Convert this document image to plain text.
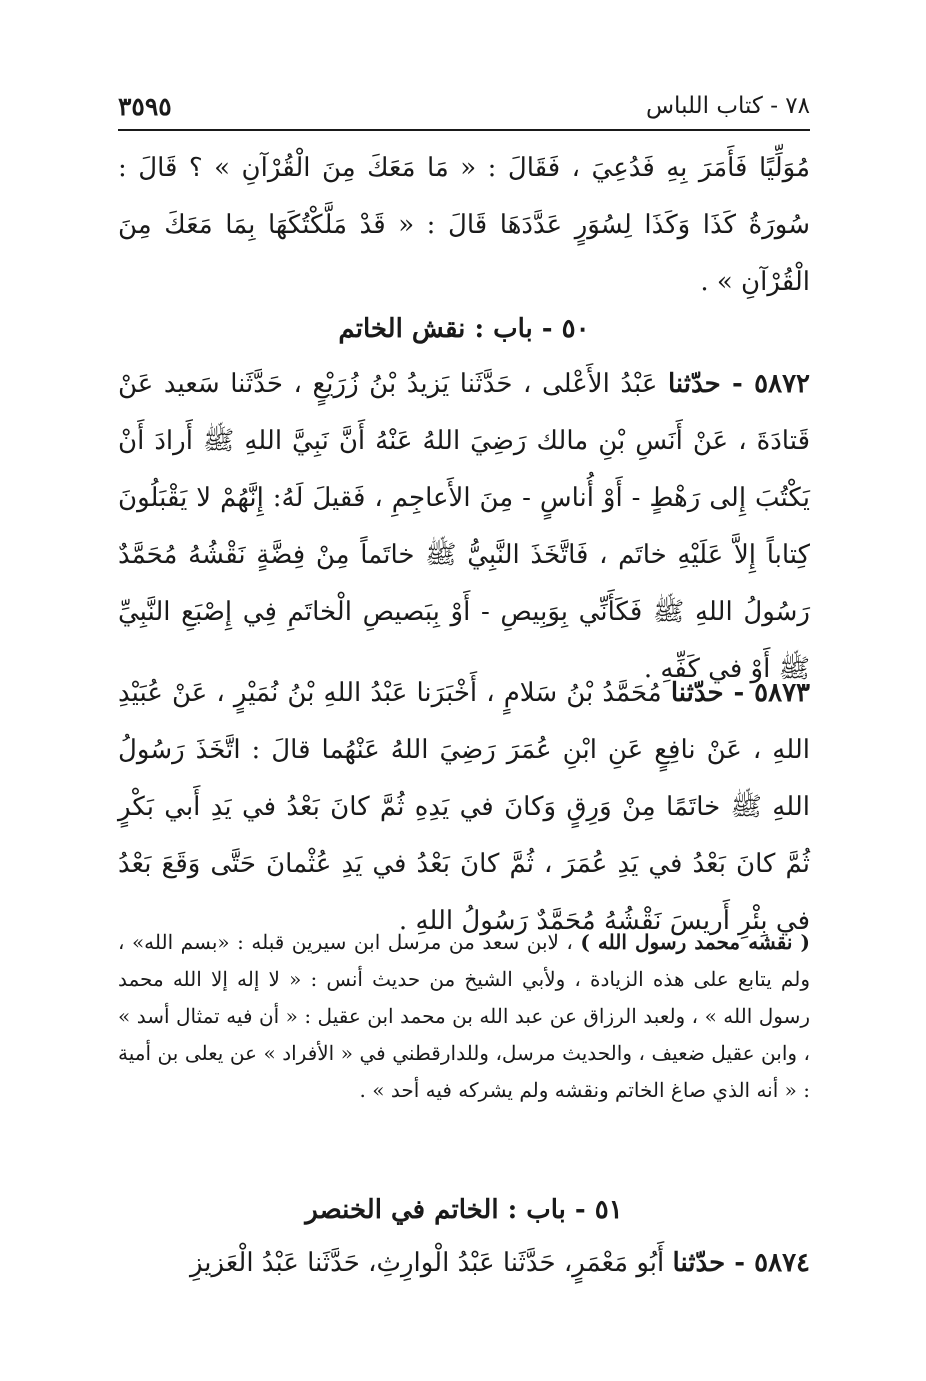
٧٨ - كتاب اللباس
٣٥٩٥

مُوَلِّيًا فَأَمَرَ بِهِ فَدُعِيَ ، فَقَالَ : « مَا مَعَكَ مِنَ الْقُرْآنِ » ؟ قَالَ : سُورَةُ كَذَا وَكَذَا لِسُوَرٍ عَدَّدَهَا قَالَ : « قَدْ مَلَّكْتُكَهَا بِمَا مَعَكَ مِنَ الْقُرْآنِ » .

٥٠ - باب : نقش الخاتم

٥٨٧٢ - حدّثنا عَبْدُ الأَعْلى ، حَدَّثَنا يَزيدُ بْنُ زُرَيْعٍ ، حَدَّثَنا سَعيد عَنْ قَتادَةَ ، عَنْ أَنَسِ بْنِ مالك رَضِيَ اللهُ عَنْهُ أَنَّ نَبِيَّ اللهِ ﷺ أَرادَ أَنْ يَكْتُبَ إِلى رَهْطٍ - أَوْ أُناسٍ - مِنَ الأَعاجِمِ ، فَقيلَ لَهُ: إِنَّهُمْ لا يَقْبَلُونَ كِتاباً إِلاَّ عَلَيْهِ خاتَم ، فَاتَّخَذَ النَّبِيُّ ﷺ خاتَماً مِنْ فِضَّةٍ نَقْشُهُ مُحَمَّدٌ رَسُولُ اللهِ ﷺ فَكَأَنِّي بِوَبِيصِ - أَوْ بِبَصيصِ الْخاتَمِ فِي إِصْبَعِ النَّبِيِّ ﷺ أَوْ في كَفِّهِ .

٥٨٧٣ - حدّثنا مُحَمَّدُ بْنُ سَلامٍ ، أَخْبَرَنا عَبْدُ اللهِ بْنُ نُمَيْرٍ ، عَنْ عُبَيْدِ اللهِ ، عَنْ نافِعٍ عَنِ ابْنِ عُمَرَ رَضِيَ اللهُ عَنْهُما قالَ : اتَّخَذَ رَسُولُ اللهِ ﷺ خاتَمًا مِنْ وَرِقٍ وَكانَ في يَدِهِ ثُمَّ كانَ بَعْدُ في يَدِ أَبي بَكْرٍ ثُمَّ كانَ بَعْدُ في يَدِ عُمَرَ ، ثُمَّ كانَ بَعْدُ في يَدِ عُثْمانَ حَتَّى وَقَعَ بَعْدُ في بِئْرِ أَريسَ نَقْشُهُ مُحَمَّدٌ رَسُولُ اللهِ .

( نقشه محمد رسول الله ) ، لابن سعد من مرسل ابن سيرين قبله : «بسم الله» ، ولم يتابع على هذه الزيادة ، ولأبي الشيخ من حديث أنس : « لا إله إلا الله محمد رسول الله » ، ولعبد الرزاق عن عبد الله بن محمد ابن عقيل : « أن فيه تمثال أسد » ، وابن عقيل ضعيف ، والحديث مرسل، وللدارقطني في « الأفراد » عن يعلى بن أمية : « أنه الذي صاغ الخاتم ونقشه ولم يشركه فيه أحد » .

٥١ - باب : الخاتم في الخنصر

٥٨٧٤ - حدّثنا أَبُو مَعْمَرٍ، حَدَّثَنا عَبْدُ الْوارِثِ، حَدَّثَنا عَبْدُ الْعَزيزِ
